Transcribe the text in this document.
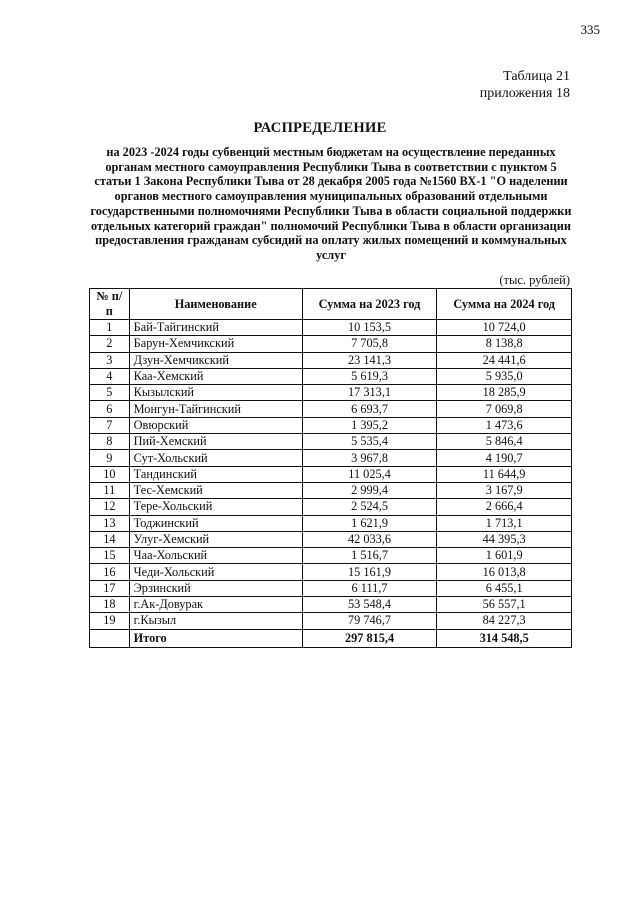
335
Таблица 21
приложения 18
РАСПРЕДЕЛЕНИЕ
на 2023 -2024 годы субвенций местным бюджетам на осуществление переданных органам местного самоуправления Республики Тыва в соответствии с пунктом 5 статьи 1 Закона Республики Тыва от 28 декабря 2005 года №1560 ВХ-1 "О наделении органов местного самоуправления муниципальных образований отдельными государственными полномочиями Республики Тыва в области социальной поддержки отдельных категорий граждан" полномочий Республики Тыва в области организации предоставления гражданам субсидий на оплату жилых помещений и коммунальных услуг
(тыс. рублей)
№ п/п	Наименование	Сумма на 2023 год	Сумма на 2024 год
1	Бай-Тайгинский	10 153,5	10 724,0
2	Барун-Хемчикский	7 705,8	8 138,8
3	Дзун-Хемчикский	23 141,3	24 441,6
4	Каа-Хемский	5 619,3	5 935,0
5	Кызылский	17 313,1	18 285,9
6	Монгун-Тайгинский	6 693,7	7 069,8
7	Овюрский	1 395,2	1 473,6
8	Пий-Хемский	5 535,4	5 846,4
9	Сут-Хольский	3 967,8	4 190,7
10	Тандинский	11 025,4	11 644,9
11	Тес-Хемский	2 999,4	3 167,9
12	Тере-Хольский	2 524,5	2 666,4
13	Тоджинский	1 621,9	1 713,1
14	Улуг-Хемский	42 033,6	44 395,3
15	Чаа-Хольский	1 516,7	1 601,9
16	Чеди-Хольский	15 161,9	16 013,8
17	Эрзинский	6 111,7	6 455,1
18	г.Ак-Довурак	53 548,4	56 557,1
19	г.Кызыл	79 746,7	84 227,3
	Итого	297 815,4	314 548,5
